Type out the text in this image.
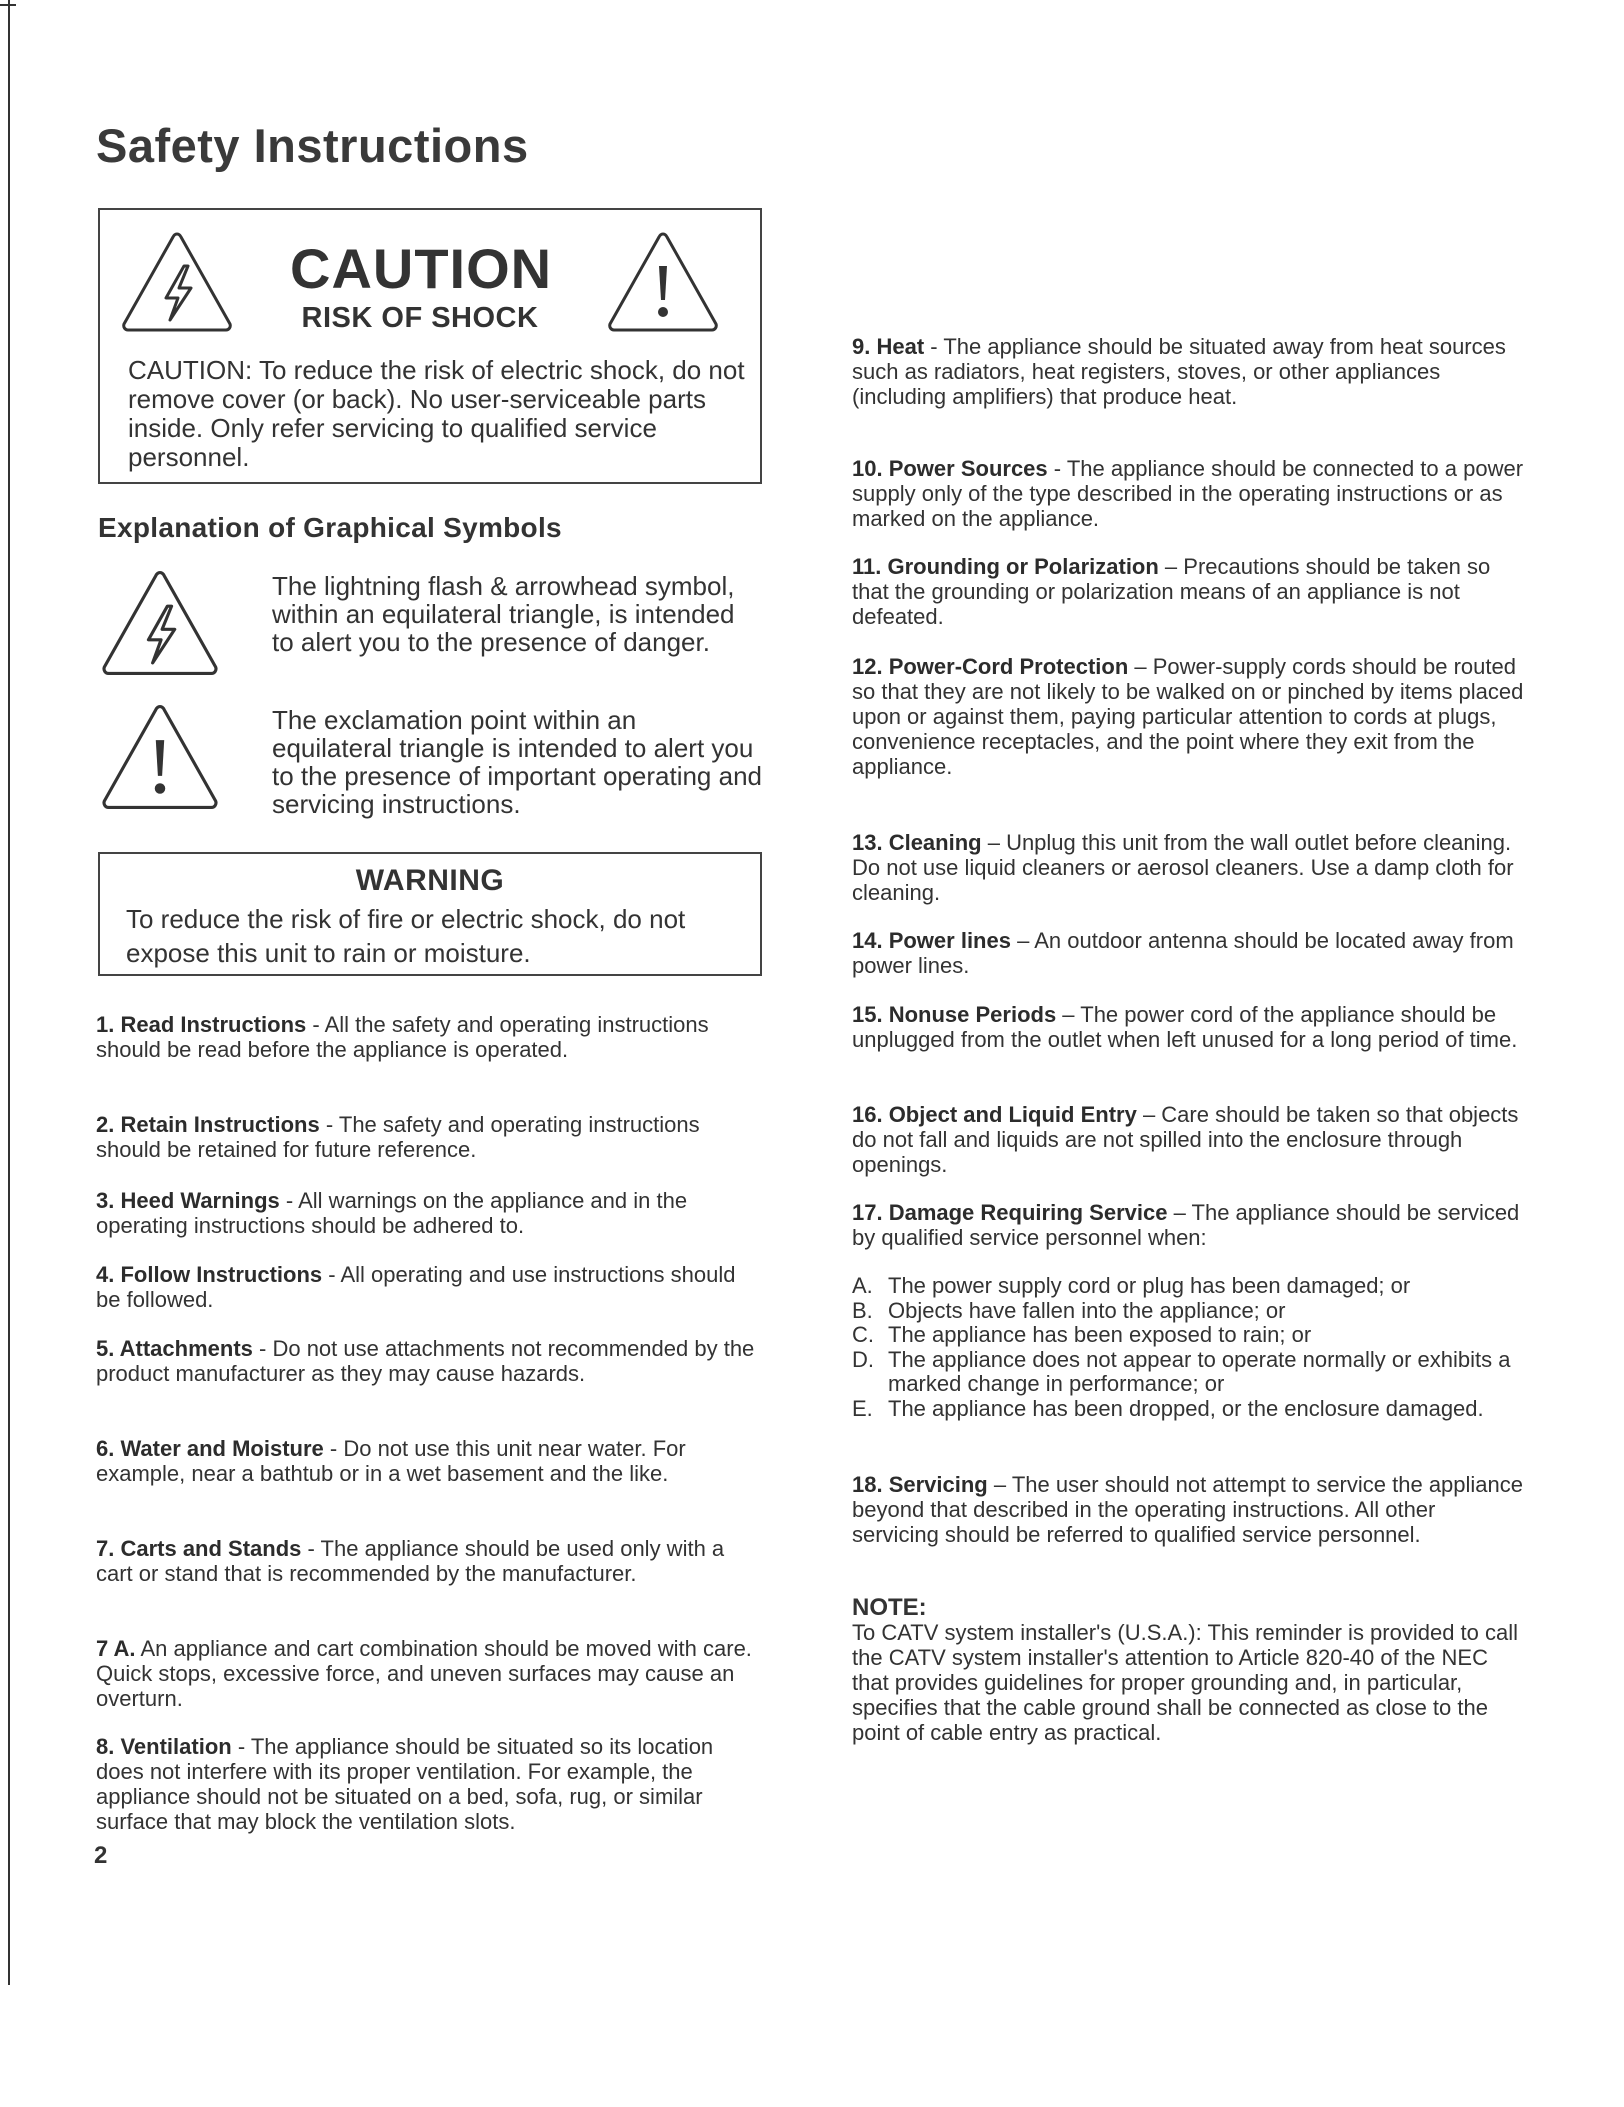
Safety Instructions
CAUTION
RISK OF SHOCK
CAUTION: To reduce the risk of electric shock, do not remove cover (or back). No user-serviceable parts inside. Only refer servicing to qualified service personnel.
Explanation of Graphical Symbols
The lightning flash & arrowhead symbol, within an equilateral triangle, is intended to alert you to the presence of danger.
The exclamation point within an equilateral triangle is intended to alert you to the presence of important operating and servicing instructions.
WARNING
To reduce the risk of fire or electric shock, do not expose this unit to rain or moisture.

1. Read Instructions - All the safety and operating instructions should be read before the appliance is operated.

2. Retain Instructions - The safety and operating instructions should be retained for future reference.

3. Heed Warnings - All warnings on the appliance and in the operating instructions should be adhered to.

4. Follow Instructions - All operating and use instructions should be followed.

5. Attachments - Do not use attachments not recommended by the product manufacturer as they may cause hazards.

6. Water and Moisture - Do not use this unit near water. For example, near a bathtub or in a wet basement and the like.

7. Carts and Stands - The appliance should be used only with a cart or stand that is recommended by the manufacturer.

7 A. An appliance and cart combination should be moved with care. Quick stops, excessive force, and uneven surfaces may cause an overturn.

8. Ventilation - The appliance should be situated so its location does not interfere with its proper ventilation. For example, the appliance should not be situated on a bed, sofa, rug, or similar surface that may block the ventilation slots.

9. Heat - The appliance should be situated away from heat sources such as radiators, heat registers, stoves, or other appliances (including amplifiers) that produce heat.

10. Power Sources - The appliance should be connected to a power supply only of the type described in the operating instructions or as marked on the appliance.

11. Grounding or Polarization – Precautions should be taken so that the grounding or polarization means of an appliance is not defeated.

12. Power-Cord Protection – Power-supply cords should be routed so that they are not likely to be walked on or pinched by items placed upon or against them, paying particular attention to cords at plugs, convenience receptacles, and the point where they exit from the appliance.

13. Cleaning – Unplug this unit from the wall outlet before cleaning. Do not use liquid cleaners or aerosol cleaners. Use a damp cloth for cleaning.

14. Power lines – An outdoor antenna should be located away from power lines.

15. Nonuse Periods – The power cord of the appliance should be unplugged from the outlet when left unused for a long period of time.

16. Object and Liquid Entry – Care should be taken so that objects do not fall and liquids are not spilled into the enclosure through openings.

17. Damage Requiring Service – The appliance should be serviced by qualified service personnel when:

A. The power supply cord or plug has been damaged; or
B. Objects have fallen into the appliance; or
C. The appliance has been exposed to rain; or
D. The appliance does not appear to operate normally or exhibits a marked change in performance; or
E. The appliance has been dropped, or the enclosure damaged.

18. Servicing – The user should not attempt to service the appliance beyond that described in the operating instructions. All other servicing should be referred to qualified service personnel.

NOTE:

To CATV system installer's (U.S.A.): This reminder is provided to call the CATV system installer's attention to Article 820-40 of the NEC that provides guidelines for proper grounding and, in particular, specifies that the cable ground shall be connected as close to the point of cable entry as practical.

2
